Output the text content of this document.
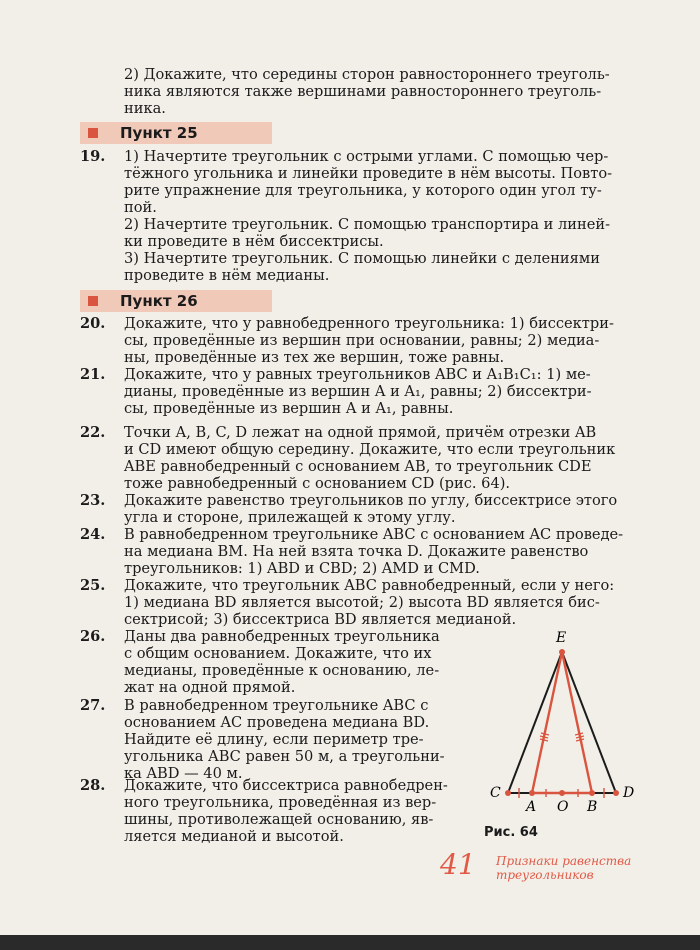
2) Докажите, что середины сторон равностороннего треуголь-
ника являются также вершинами равностороннего треуголь-
ника.
Пункт 25
19. 1) Начертите треугольник с острыми углами. С помощью чер-
тёжного угольника и линейки проведите в нём высоты. Повто-
рите упражнение для треугольника, у которого один угол ту-
пой.
2) Начертите треугольник. С помощью транспортира и линей-
ки проведите в нём биссектрисы.
3) Начертите треугольник. С помощью линейки с делениями
проведите в нём медианы.
Пункт 26
20. Докажите, что у равнобедренного треугольника: 1) биссектри-
сы, проведённые из вершин при основании, равны; 2) медиа-
ны, проведённые из тех же вершин, тоже равны.
21. Докажите, что у равных треугольников ABC и A₁B₁C₁: 1) ме-
дианы, проведённые из вершин A и A₁, равны; 2) биссектри-
сы, проведённые из вершин A и A₁, равны.
22. Точки A, B, C, D лежат на одной прямой, причём отрезки AB
и CD имеют общую середину. Докажите, что если треугольник
ABE равнобедренный с основанием AB, то треугольник CDE
тоже равнобедренный с основанием CD (рис. 64).
23. Докажите равенство треугольников по углу, биссектрисе этого
угла и стороне, прилежащей к этому углу.
24. В равнобедренном треугольнике ABC с основанием AC проведе-
на медиана BM. На ней взята точка D. Докажите равенство
треугольников: 1) ABD и CBD; 2) AMD и CMD.
25. Докажите, что треугольник ABC равнобедренный, если у него:
1) медиана BD является высотой; 2) высота BD является бис-
сектрисой; 3) биссектриса BD является медианой.
26. Даны два равнобедренных треугольника
с общим основанием. Докажите, что их
медианы, проведённые к основанию, ле-
жат на одной прямой.
27. В равнобедренном треугольнике ABC с
основанием AC проведена медиана BD.
Найдите её длину, если периметр тре-
угольника ABC равен 50 м, а треугольни-
ка ABD — 40 м.
28. Докажите, что биссектриса равнобедрен-
ного треугольника, проведённая из вер-
шины, противолежащей основанию, яв-
ляется медианой и высотой.
E
C
A O B
D
Рис. 64
41 Признаки равенства
треугольников
